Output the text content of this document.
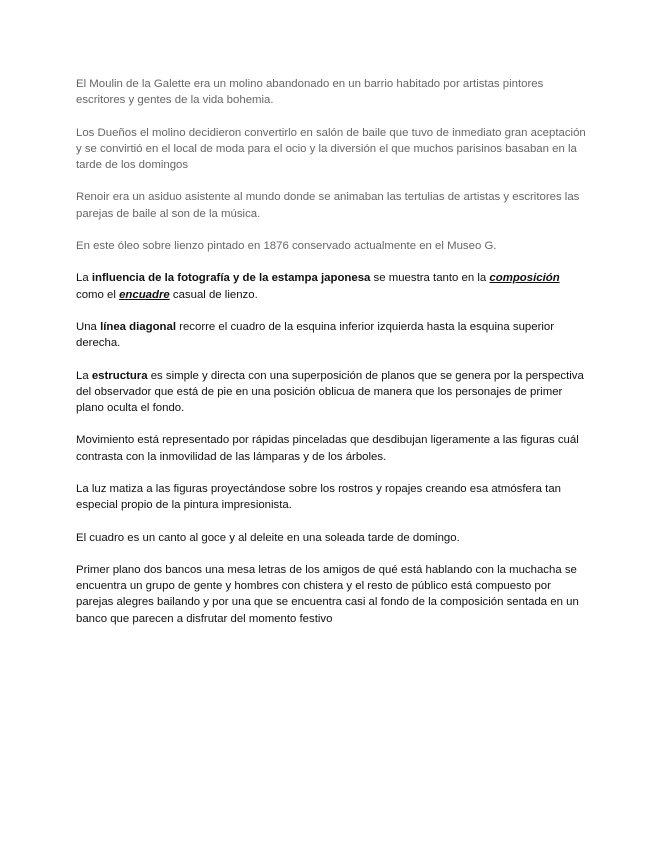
El Moulin de la Galette era un molino abandonado en un barrio habitado por artistas pintores escritores y gentes de la vida bohemia.

Los Dueños el molino decidieron convertirlo en salón de baile que tuvo de inmediato gran aceptación y se convirtió en el local de moda para el ocio y la diversión el que muchos parisinos basaban en la tarde de los domingos

Renoir era un asiduo asistente al mundo donde se animaban las tertulias de artistas y escritores las parejas de baile al son de la música.

En este óleo sobre lienzo pintado en 1876 conservado actualmente en el Museo G.

La influencia de la fotografía y de la estampa japonesa se muestra tanto en la composición como el encuadre casual de lienzo.

Una línea diagonal recorre el cuadro de la esquina inferior izquierda hasta la esquina superior derecha.

La estructura es simple y directa con una superposición de planos que se genera por la perspectiva del observador que está de pie en una posición oblicua de manera que los personajes de primer plano oculta el fondo.

Movimiento está representado por rápidas pinceladas que desdibujan ligeramente a las figuras cuál contrasta con la inmovilidad de las lámparas y de los árboles.

La luz matiza a las figuras proyectándose sobre los rostros y ropajes creando esa atmósfera tan especial propio de la pintura impresionista.

El cuadro es un canto al goce y al deleite en una soleada tarde de domingo.

Primer plano dos bancos una mesa letras de los amigos de qué está hablando con la muchacha se encuentra un grupo de gente y hombres con chistera y el resto de público está compuesto por parejas alegres bailando y por una que se encuentra casi al fondo de la composición sentada en un banco que parecen a disfrutar del momento festivo
